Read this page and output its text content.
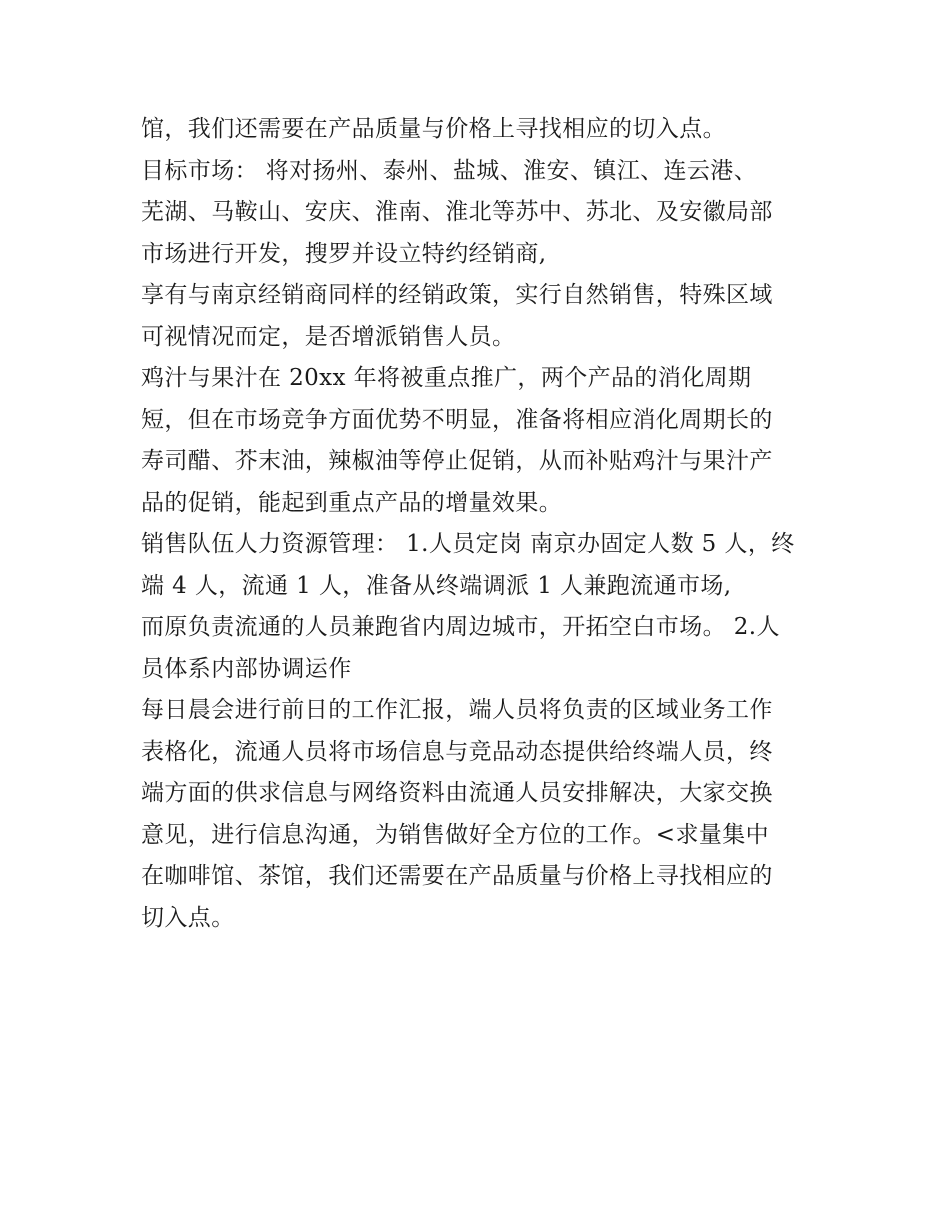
馆，我们还需要在产品质量与价格上寻找相应的切入点。
目标市场： 将对扬州、泰州、盐城、淮安、镇江、连云港、
芜湖、马鞍山、安庆、淮南、淮北等苏中、苏北、及安徽局部
市场进行开发，搜罗并设立特约经销商,
享有与南京经销商同样的经销政策，实行自然销售，特殊区域
可视情况而定，是否增派销售人员。
鸡汁与果汁在 20xx 年将被重点推广，两个产品的消化周期
短，但在市场竞争方面优势不明显，准备将相应消化周期长的
寿司醋、芥末油，辣椒油等停止促销，从而补贴鸡汁与果汁产
品的促销，能起到重点产品的增量效果。
销售队伍人力资源管理： 1.人员定岗 南京办固定人数 5 人，终
端 4 人，流通 1 人，准备从终端调派 1 人兼跑流通市场,
而原负责流通的人员兼跑省内周边城市，开拓空白市场。 2.人
员体系内部协调运作
每日晨会进行前日的工作汇报，端人员将负责的区域业务工作
表格化，流通人员将市场信息与竞品动态提供给终端人员，终
端方面的供求信息与网络资料由流通人员安排解决，大家交换
意见，进行信息沟通，为销售做好全方位的工作。<求量集中
在咖啡馆、茶馆，我们还需要在产品质量与价格上寻找相应的
切入点。
